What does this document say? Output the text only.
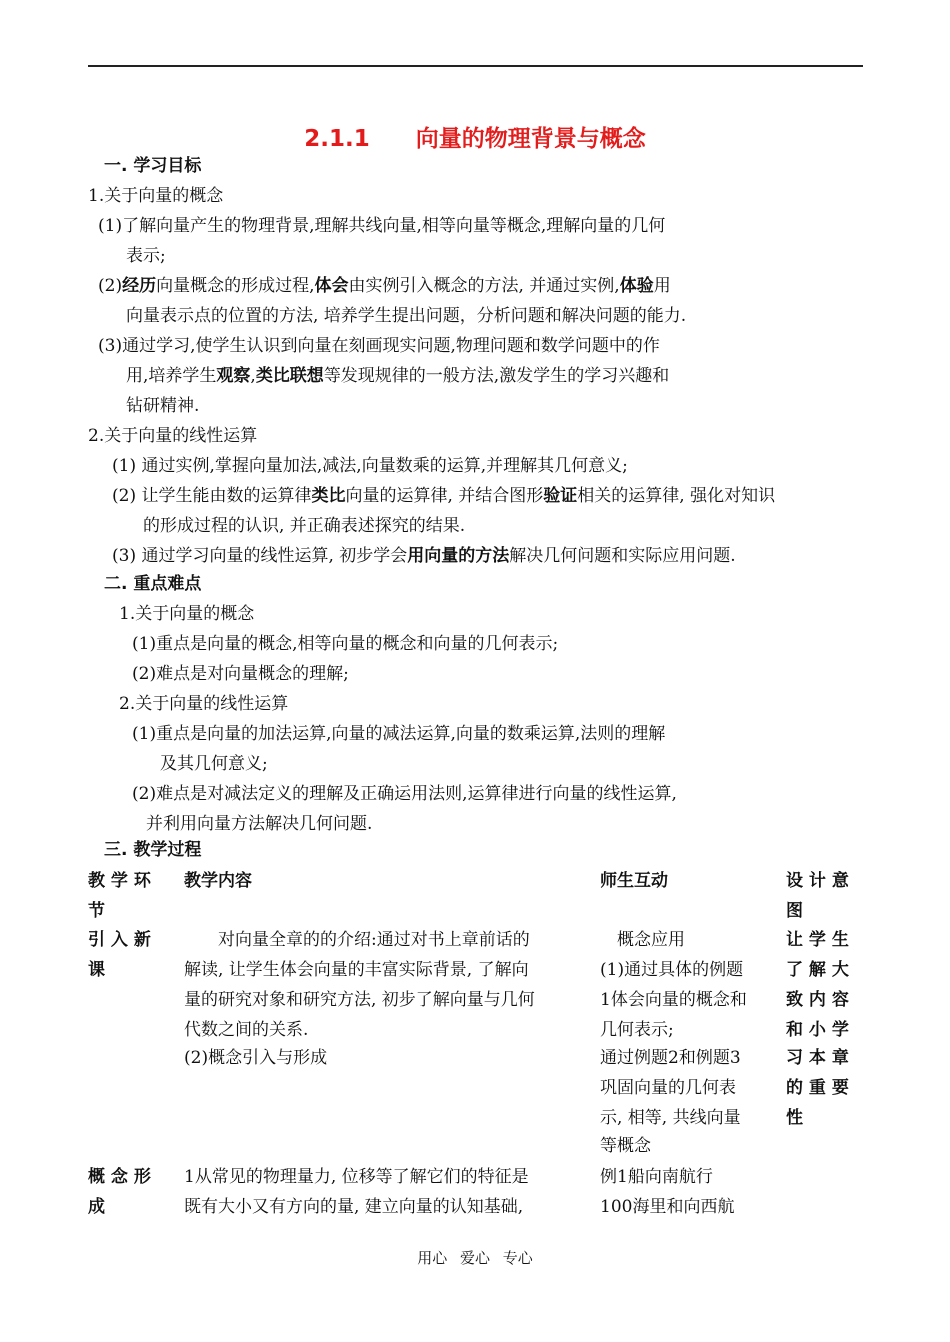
2.1.1　　向量的物理背景与概念
一. 学习目标
1.关于向量的概念
(1)了解向量产生的物理背景,理解共线向量,相等向量等概念,理解向量的几何
表示;
(2)经历向量概念的形成过程,体会由实例引入概念的方法, 并通过实例,体验用
向量表示点的位置的方法, 培养学生提出问题，分析问题和解决问题的能力.
(3)通过学习,使学生认识到向量在刻画现实问题,物理问题和数学问题中的作
用,培养学生观察,类比联想等发现规律的一般方法,激发学生的学习兴趣和
钻研精神.
2.关于向量的线性运算
(1) 通过实例,掌握向量加法,减法,向量数乘的运算,并理解其几何意义;
(2) 让学生能由数的运算律类比向量的运算律, 并结合图形验证相关的运算律, 强化对知识
的形成过程的认识, 并正确表述探究的结果.
(3) 通过学习向量的线性运算, 初步学会用向量的方法解决几何问题和实际应用问题.
二. 重点难点
1.关于向量的概念
(1)重点是向量的概念,相等向量的概念和向量的几何表示;
(2)难点是对向量概念的理解;
2.关于向量的线性运算
(1)重点是向量的加法运算,向量的减法运算,向量的数乘运算,法则的理解
及其几何意义;
(2)难点是对减法定义的理解及正确运用法则,运算律进行向量的线性运算,
并利用向量方法解决几何问题.
三. 教学过程
教 学 环
节
教学内容	师生互动	设 计 意
图
引 入 新
课
　　对向量全章的的介绍:通过对书上章前话的
解读, 让学生体会向量的丰富实际背景, 了解向
量的研究对象和研究方法, 初步了解向量与几何
代数之间的关系.
(2)概念引入与形成
　概念应用
(1)通过具体的例题
1体会向量的概念和
几何表示;
通过例题2和例题3
巩固向量的几何表
示, 相等, 共线向量
等概念
让 学 生
了 解 大
致 内 容
和 小 学
习 本 章
的 重 要
性
概 念 形
成
1从常见的物理量力, 位移等了解它们的特征是
既有大小又有方向的量, 建立向量的认知基础,
例1船向南航行
100海里和向西航
用心 爱心 专心
